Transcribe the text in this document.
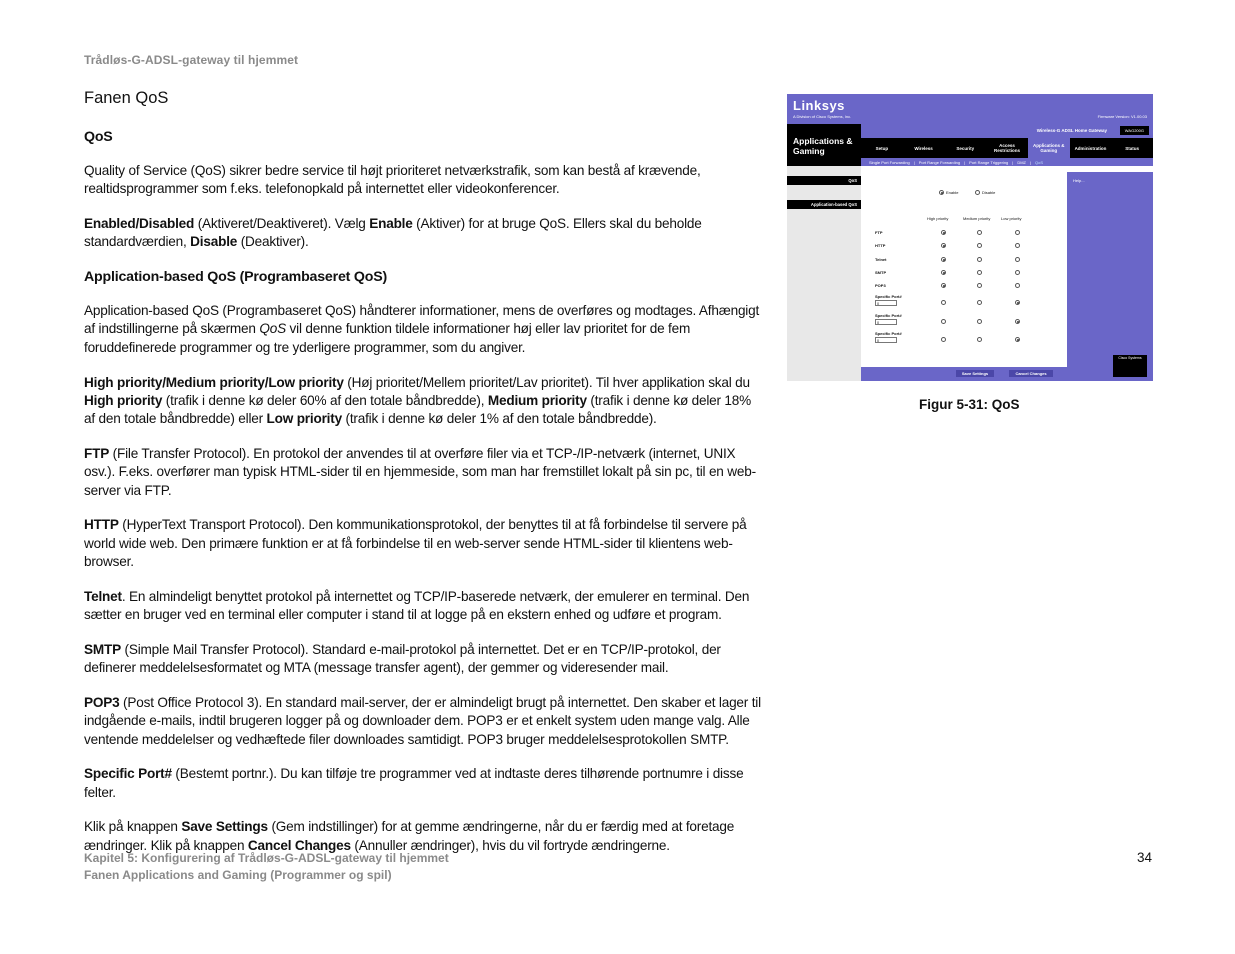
Trådløs-G-ADSL-gateway til hjemmet
Fanen QoS
QoS

Quality of Service (QoS) sikrer bedre service til højt prioriteret netværkstrafik, som kan bestå af krævende, realtidsprogrammer som f.eks. telefonopkald på internettet eller videokonferencer.

Enabled/Disabled (Aktiveret/Deaktiveret). Vælg Enable (Aktiver) for at bruge QoS. Ellers skal du beholde standardværdien, Disable (Deaktiver).

Application-based QoS (Programbaseret QoS)

Application-based QoS (Programbaseret QoS) håndterer informationer, mens de overføres og modtages. Afhængigt af indstillingerne på skærmen QoS vil denne funktion tildele informationer høj eller lav prioritet for de fem foruddefinerede programmer og tre yderligere programmer, som du angiver.

High priority/Medium priority/Low priority (Høj prioritet/Mellem prioritet/Lav prioritet). Til hver applikation skal du High priority (trafik i denne kø deler 60% af den totale båndbredde), Medium priority (trafik i denne kø deler 18% af den totale båndbredde) eller Low priority (trafik i denne kø deler 1% af den totale båndbredde).

FTP (File Transfer Protocol). En protokol der anvendes til at overføre filer via et TCP-/IP-netværk (internet, UNIX osv.). F.eks. overfører man typisk HTML-sider til en hjemmeside, som man har fremstillet lokalt på sin pc, til en web-server via FTP.

HTTP (HyperText Transport Protocol). Den kommunikationsprotokol, der benyttes til at få forbindelse til servere på world wide web. Den primære funktion er at få forbindelse til en web-server sende HTML-sider til klientens web-browser.

Telnet. En almindeligt benyttet protokol på internettet og TCP/IP-baserede netværk, der emulerer en terminal. Den sætter en bruger ved en terminal eller computer i stand til at logge på en ekstern enhed og udføre et program.

SMTP (Simple Mail Transfer Protocol). Standard e-mail-protokol på internettet. Det er en TCP/IP-protokol, der definerer meddelelsesformatet og MTA (message transfer agent), der gemmer og videresender mail.

POP3 (Post Office Protocol 3). En standard mail-server, der er almindeligt brugt på internettet. Den skaber et lager til indgående e-mails, indtil brugeren logger på og downloader dem. POP3 er et enkelt system uden mange valg. Alle ventende meddelelser og vedhæftede filer downloades samtidigt. POP3 bruger meddelelsesprotokollen SMTP.

Specific Port# (Bestemt portnr.). Du kan tilføje tre programmer ved at indtaste deres tilhørende portnumre i disse felter.

Klik på knappen Save Settings (Gem indstillinger) for at gemme ændringerne, når du er færdig med at foretage ændringer. Klik på knappen Cancel Changes (Annuller ændringer), hvis du vil fortryde ændringerne.

Linksys
A Division of Cisco Systems, Inc.	Firmware Version: V1.00.03
Applications & Gaming
Wireless-G ADSL Home Gateway	WAG200G
Setup	Wireless	Security	Access Restrictions
Applications & Gaming	Administration	Status
Single Port Forwarding | Port Range Forwarding | Port Range Triggering | DMZ | QoS
QoS
Application-based QoS
Enable	Disable
High priority	Medium priority	Low priority
FTP
HTTP
Telnet
SMTP
POP3
Specific Port#
0
Specific Port#
0
Specific Port#
0
Help...
Cisco Systems
Save Settings	Cancel Changes
Figur 5-31: QoS
Kapitel 5: Konfigurering af Trådløs-G-ADSL-gateway til hjemmet
Fanen Applications and Gaming (Programmer og spil)
34
